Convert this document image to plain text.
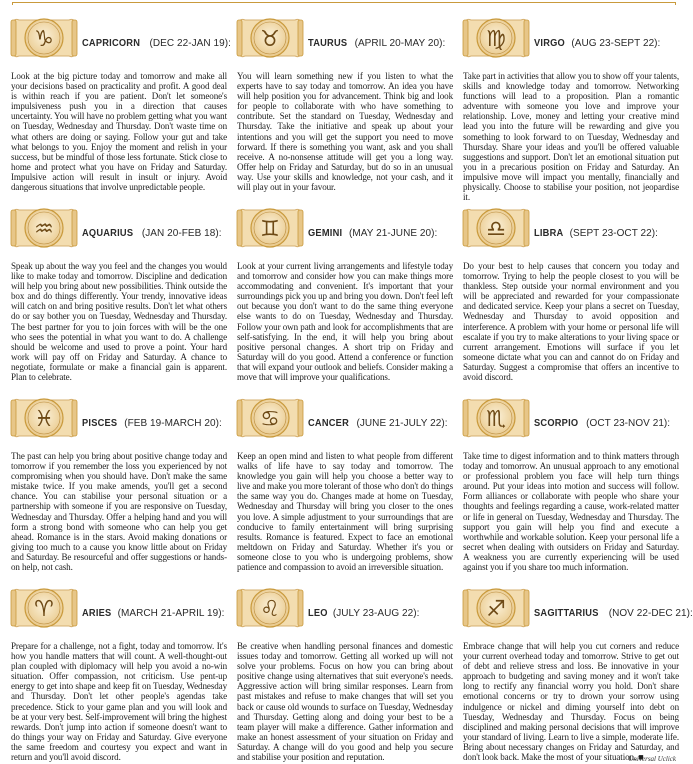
♑	CAPRICORN (DEC 22-JAN 19):
Look at the big picture today and tomorrow and make all your decisions based on practicality and profit. A good deal is within reach if you are patient. Don't let someone's impulsiveness push you in a direction that causes uncertainty. You will have no problem getting what you want on Tuesday, Wednesday and Thursday. Don't waste time on what others are doing or saying. Follow your gut and take what belongs to you. Enjoy the moment and relish in your success, but be mindful of those less fortunate. Stick close to home and protect what you have on Friday and Saturday. Impulsive action will result in insult or injury. Avoid dangerous situations that involve unpredictable people.
♉	TAURUS (APRIL 20-MAY 20):
You will learn something new if you listen to what the experts have to say today and tomorrow. An idea you have will help position you for advancement. Think big and look for people to collaborate with who have something to contribute. Set the standard on Tuesday, Wednesday and Thursday. Take the initiative and speak up about your intentions and you will get the support you need to move forward. If there is something you want, ask and you shall receive. A no-nonsense attitude will get you a long way. Offer help on Friday and Saturday, but do so in an unusual way. Use your skills and knowledge, not your cash, and it will play out in your favour.
♍	VIRGO (AUG 23-SEPT 22):
Take part in activities that allow you to show off your talents, skills and knowledge today and tomorrow. Networking functions will lead to a proposition. Plan a romantic adventure with someone you love and improve your relationship. Love, money and letting your creative mind lead you into the future will be rewarding and give you something to look forward to on Tuesday, Wednesday and Thursday. Share your ideas and you'll be offered valuable suggestions and support. Don't let an emotional situation put you in a precarious position on Friday and Saturday. An impulsive move will impact you mentally, financially and physically. Choose to stabilise your position, not jeopardise it.
♒	AQUARIUS (JAN 20-FEB 18):
Speak up about the way you feel and the changes you would like to make today and tomorrow. Discipline and dedication will help you bring about new possibilities. Think outside the box and do things differently. Your trendy, innovative ideas will catch on and bring positive results. Don't let what others do or say bother you on Tuesday, Wednesday and Thursday. The best partner for you to join forces with will be the one who sees the potential in what you want to do. A challenge should be welcome and used to prove a point. Your hard work will pay off on Friday and Saturday. A chance to negotiate, formulate or make a financial gain is apparent. Plan to celebrate.
♊	GEMINI (MAY 21-JUNE 20):
Look at your current living arrangements and lifestyle today and tomorrow and consider how you can make things more accommodating and convenient. It's important that your surroundings pick you up and bring you down. Don't feel left out because you don't want to do the same thing everyone else wants to do on Tuesday, Wednesday and Thursday. Follow your own path and look for accomplishments that are self-satisfying. In the end, it will help you bring about positive personal changes. A short trip on Friday and Saturday will do you good. Attend a conference or function that will expand your outlook and beliefs. Consider making a move that will improve your qualifications.
♎	LIBRA (SEPT 23-OCT 22):
Do your best to help causes that concern you today and tomorrow. Trying to help the people closest to you will be thankless. Step outside your normal environment and you will be appreciated and rewarded for your compassionate and dedicated service. Keep your plans a secret on Tuesday, Wednesday and Thursday to avoid opposition and interference. A problem with your home or personal life will escalate if you try to make alterations to your living space or current arrangement. Emotions will surface if you let someone dictate what you can and cannot do on Friday and Saturday. Suggest a compromise that offers an incentive to avoid discord.
♓	PISCES (FEB 19-MARCH 20):
The past can help you bring about positive change today and tomorrow if you remember the loss you experienced by not compromising when you should have. Don't make the same mistake twice. If you make amends, you'll get a second chance. You can stabilise your personal situation or a partnership with someone if you are responsive on Tuesday, Wednesday and Thursday. Offer a helping hand and you will form a strong bond with someone who can help you get ahead. Romance is in the stars. Avoid making donations or giving too much to a cause you know little about on Friday and Saturday. Be resourceful and offer suggestions or hands-on help, not cash.
♋	CANCER (JUNE 21-JULY 22):
Keep an open mind and listen to what people from different walks of life have to say today and tomorrow. The knowledge you gain will help you choose a better way to live and make you more tolerant of those who don't do things the same way you do. Changes made at home on Tuesday, Wednesday and Thursday will bring you closer to the ones you love. A simple adjustment to your surroundings that are conducive to family entertainment will bring surprising results. Romance is featured. Expect to face an emotional meltdown on Friday and Saturday. Whether it's you or someone close to you who is undergoing problems, show patience and compassion to avoid an irreversible situation.
♏	SCORPIO (OCT 23-NOV 21):
Take time to digest information and to think matters through today and tomorrow. An unusual approach to any emotional or professional problem you face will help turn things around. Put your ideas into motion and success will follow. Form alliances or collaborate with people who share your thoughts and feelings regarding a cause, work-related matter or life in general on Tuesday, Wednesday and Thursday. The support you gain will help you find and execute a worthwhile and workable solution. Keep your personal life a secret when dealing with outsiders on Friday and Saturday. A weakness you are currently experiencing will be used against you if you share too much information.
♈	ARIES (MARCH 21-APRIL 19):
Prepare for a challenge, not a fight, today and tomorrow. It's how you handle matters that will count. A well-thought-out plan coupled with diplomacy will help you avoid a no-win situation. Offer compassion, not criticism. Use pent-up energy to get into shape and keep fit on Tuesday, Wednesday and Thursday. Don't let other people's agendas take precedence. Stick to your game plan and you will look and be at your very best. Self-improvement will bring the highest rewards. Don't jump into action if someone doesn't want to do things your way on Friday and Saturday. Give everyone the same freedom and courtesy you expect and want in return and you'll avoid discord.
♌	LEO (JULY 23-AUG 22):
Be creative when handling personal finances and domestic issues today and tomorrow. Getting all worked up will not solve your problems. Focus on how you can bring about positive change using alternatives that suit everyone's needs. Aggressive action will bring similar responses. Learn from past mistakes and refuse to make changes that will set you back or cause old wounds to surface on Tuesday, Wednesday and Thursday. Getting along and doing your best to be a team player will make a difference. Gather information and make an honest assessment of your situation on Friday and Saturday. A change will do you good and help you secure and stabilise your position and reputation.
♐	SAGITTARIUS (NOV 22-DEC 21):
Embrace change that will help you cut corners and reduce your current overhead today and tomorrow. Strive to get out of debt and relieve stress and loss. Be innovative in your approach to budgeting and saving money and it won't take long to rectify any financial worry you hold. Don't share emotional concerns or try to drown your sorrow using indulgence or nickel and diming yourself into debt on Tuesday, Wednesday and Thursday. Focus on being disciplined and making personal decisions that will improve your standard of living. Learn to live a simple, moderate life. Bring about necessary changes on Friday and Saturday, and don't look back. Make the most of your situation. ■
Universal Uclick
